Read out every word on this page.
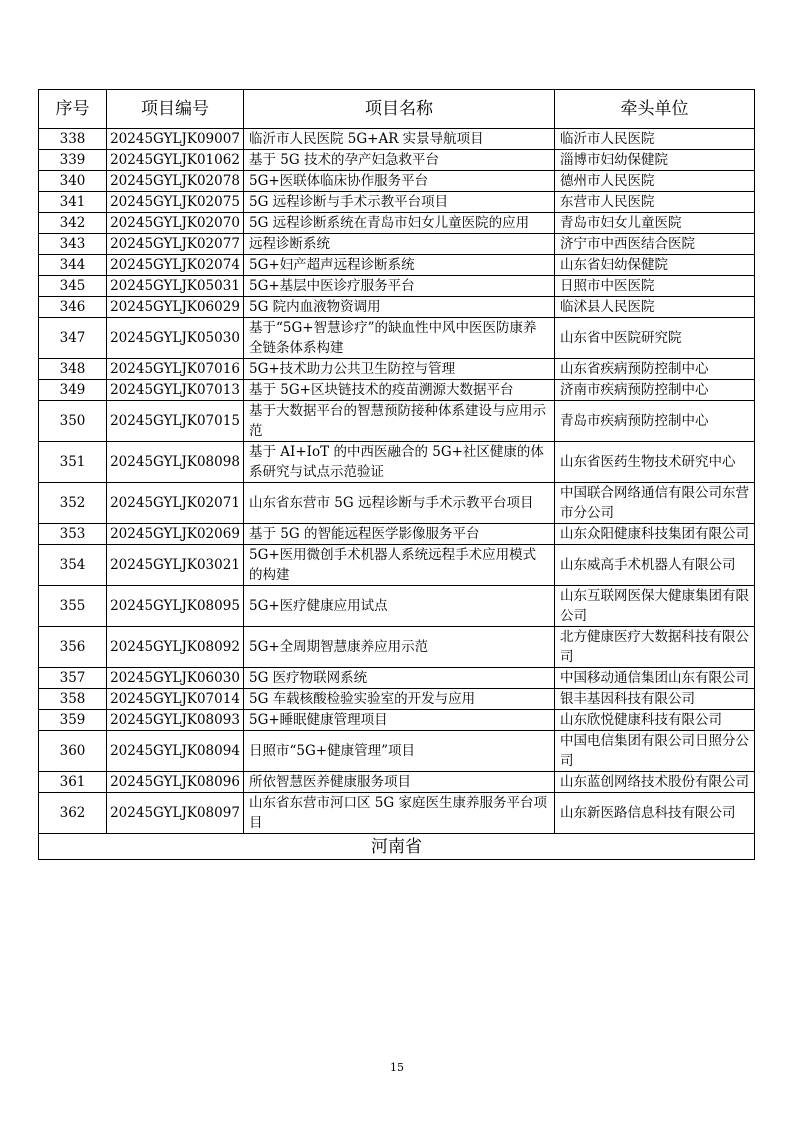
序号	项目编号	项目名称	牵头单位
338	20245GYLJK09007	临沂市人民医院 5G+AR 实景导航项目	临沂市人民医院
339	20245GYLJK01062	基于 5G 技术的孕产妇急救平台	淄博市妇幼保健院
340	20245GYLJK02078	5G+医联体临床协作服务平台	德州市人民医院
341	20245GYLJK02075	5G 远程诊断与手术示教平台项目	东营市人民医院
342	20245GYLJK02070	5G 远程诊断系统在青岛市妇女儿童医院的应用	青岛市妇女儿童医院
343	20245GYLJK02077	远程诊断系统	济宁市中西医结合医院
344	20245GYLJK02074	5G+妇产超声远程诊断系统	山东省妇幼保健院
345	20245GYLJK05031	5G+基层中医诊疗服务平台	日照市中医医院
346	20245GYLJK06029	5G 院内血液物资调用	临沭县人民医院
347	20245GYLJK05030	基于“5G+智慧诊疗”的缺血性中风中医医防康养全链条体系构建	山东省中医院研究院
348	20245GYLJK07016	5G+技术助力公共卫生防控与管理	山东省疾病预防控制中心
349	20245GYLJK07013	基于 5G+区块链技术的疫苗溯源大数据平台	济南市疾病预防控制中心
350	20245GYLJK07015	基于大数据平台的智慧预防接种体系建设与应用示范	青岛市疾病预防控制中心
351	20245GYLJK08098	基于 AI+IoT 的中西医融合的 5G+社区健康的体系研究与试点示范验证	山东省医药生物技术研究中心
352	20245GYLJK02071	山东省东营市 5G 远程诊断与手术示教平台项目	中国联合网络通信有限公司东营市分公司
353	20245GYLJK02069	基于 5G 的智能远程医学影像服务平台	山东众阳健康科技集团有限公司
354	20245GYLJK03021	5G+医用微创手术机器人系统远程手术应用模式的构建	山东威高手术机器人有限公司
355	20245GYLJK08095	5G+医疗健康应用试点	山东互联网医保大健康集团有限公司
356	20245GYLJK08092	5G+全周期智慧康养应用示范	北方健康医疗大数据科技有限公司
357	20245GYLJK06030	5G 医疗物联网系统	中国移动通信集团山东有限公司
358	20245GYLJK07014	5G 车载核酸检验实验室的开发与应用	银丰基因科技有限公司
359	20245GYLJK08093	5G+睡眠健康管理项目	山东欣悦健康科技有限公司
360	20245GYLJK08094	日照市“5G+健康管理”项目	中国电信集团有限公司日照分公司
361	20245GYLJK08096	所依智慧医养健康服务项目	山东蓝创网络技术股份有限公司
362	20245GYLJK08097	山东省东营市河口区 5G 家庭医生康养服务平台项目	山东新医路信息科技有限公司
河南省			
15
